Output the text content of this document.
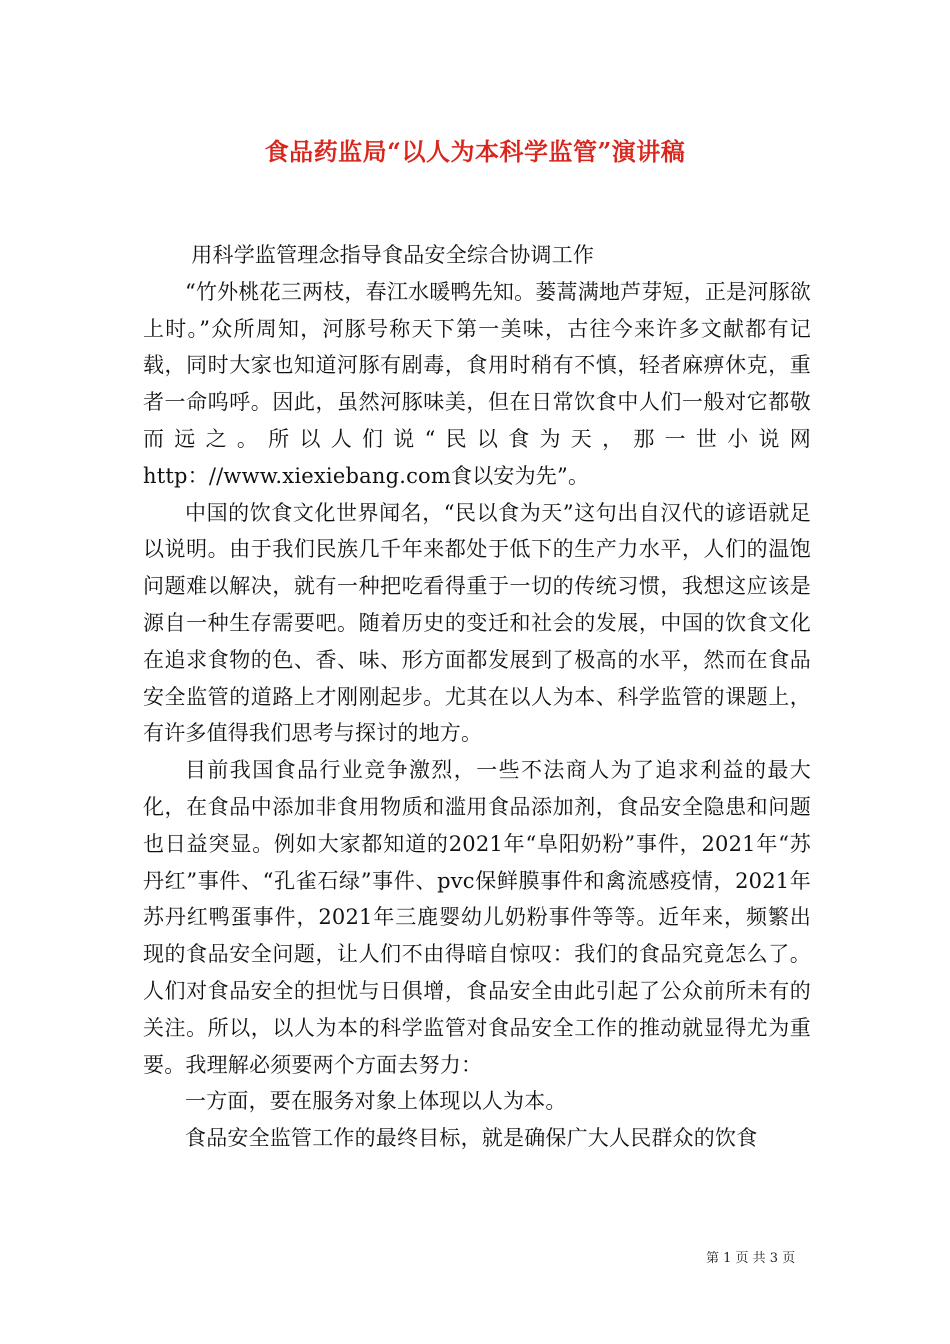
食品药监局“以人为本科学监管”演讲稿

用科学监管理念指导食品安全综合协调工作

“竹外桃花三两枝，春江水暖鸭先知。蒌蒿满地芦芽短，正是河豚欲上时。”众所周知，河豚号称天下第一美味，古往今来许多文献都有记载，同时大家也知道河豚有剧毒，食用时稍有不慎，轻者麻痹休克，重者一命呜呼。因此，虽然河豚味美，但在日常饮食中人们一般对它都敬而远之。所以人们说“民以食为天，那一世小说网http：//www.xiexiebang.com食以安为先”。

中国的饮食文化世界闻名，“民以食为天”这句出自汉代的谚语就足以说明。由于我们民族几千年来都处于低下的生产力水平，人们的温饱问题难以解决，就有一种把吃看得重于一切的传统习惯，我想这应该是源自一种生存需要吧。随着历史的变迁和社会的发展，中国的饮食文化在追求食物的色、香、味、形方面都发展到了极高的水平，然而在食品安全监管的道路上才刚刚起步。尤其在以人为本、科学监管的课题上，有许多值得我们思考与探讨的地方。

目前我国食品行业竞争激烈，一些不法商人为了追求利益的最大化，在食品中添加非食用物质和滥用食品添加剂，食品安全隐患和问题也日益突显。例如大家都知道的2021年“阜阳奶粉”事件，2021年“苏丹红”事件、“孔雀石绿”事件、pvc保鲜膜事件和禽流感疫情，2021年苏丹红鸭蛋事件，2021年三鹿婴幼儿奶粉事件等等。近年来，频繁出现的食品安全问题，让人们不由得暗自惊叹：我们的食品究竟怎么了。人们对食品安全的担忧与日俱增，食品安全由此引起了公众前所未有的关注。所以，以人为本的科学监管对食品安全工作的推动就显得尤为重要。我理解必须要两个方面去努力：

一方面，要在服务对象上体现以人为本。

食品安全监管工作的最终目标，就是确保广大人民群众的饮食

第 1 页 共 3 页
